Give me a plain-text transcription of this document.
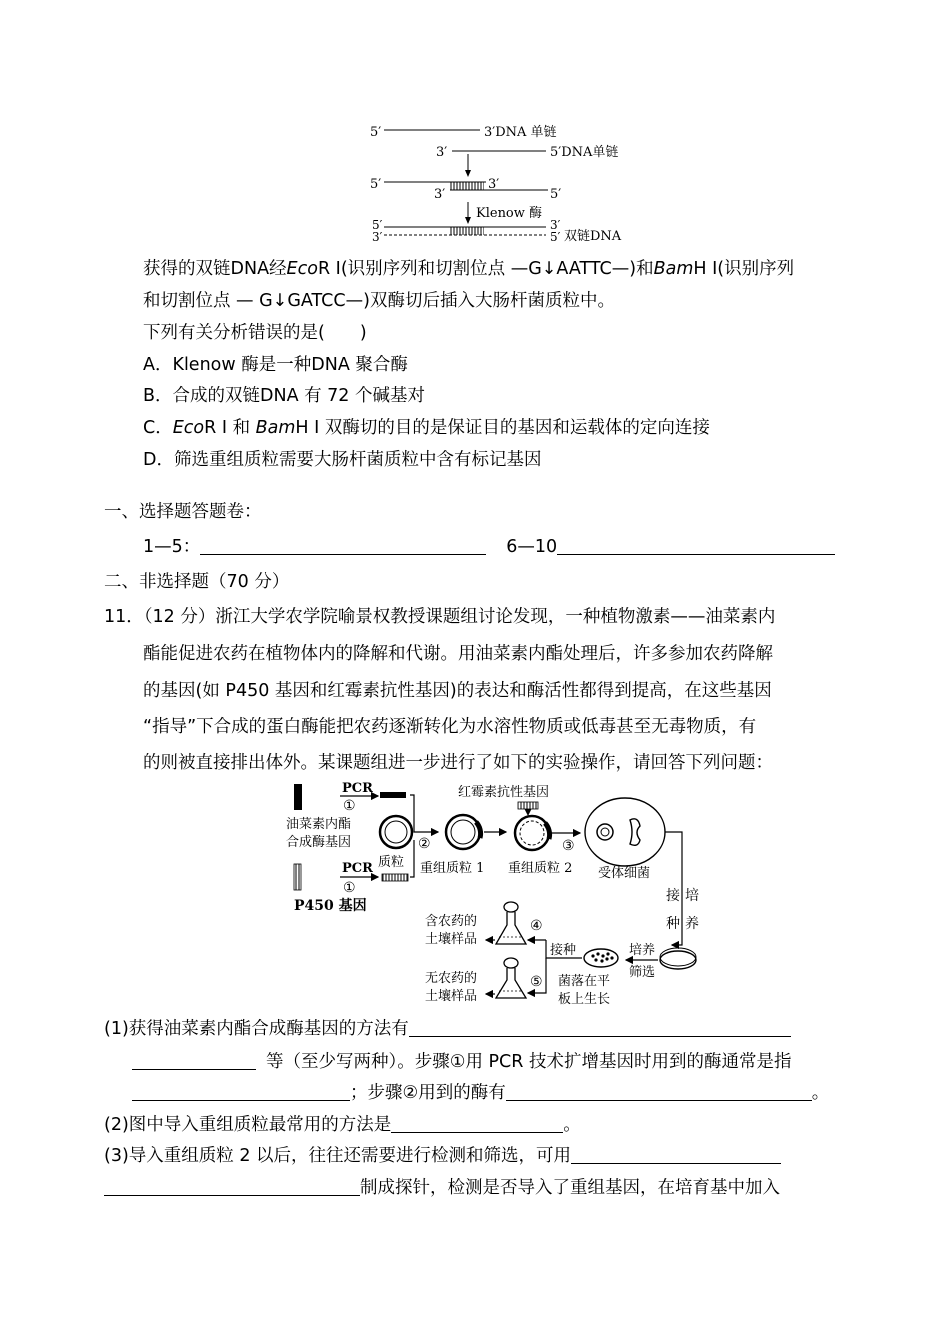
5′	3′DNA 单链
3′	5′DNA单链
5′
3′
3′
5′
Klenow 酶
5′
3′
3′
5′ 双链DNA
获得的双链DNA经EcoR Ⅰ(识别序列和切割位点 —G↓AATTC—)和BamH Ⅰ(识别序列
和切割位点 — G↓GATCC—)双酶切后插入大肠杆菌质粒中。
下列有关分析错误的是(　　)
A．Klenow 酶是一种DNA 聚合酶
B．合成的双链DNA 有 72 个碱基对
C．EcoR Ⅰ 和 BamH Ⅰ 双酶切的目的是保证目的基因和运载体的定向连接
D．筛选重组质粒需要大肠杆菌质粒中含有标记基因
一、选择题答题卷：
1—5：	6—10
二、非选择题（70 分）
11．（12 分）浙江大学农学院喻景权教授课题组讨论发现，一种植物激素——油菜素内
酯能促进农药在植物体内的降解和代谢。用油菜素内酯处理后，许多参加农药降解
的基因(如 P450 基因和红霉素抗性基因)的表达和酶活性都得到提高，在这些基因
“指导”下合成的蛋白酶能把农药逐渐转化为水溶性物质或低毒甚至无毒物质，有
的则被直接排出体外。某课题组进一步进行了如下的实验操作，请回答下列问题：
PCR
①
油菜素内酯
合成酶基因	②
红霉素抗性基因
③
受体细菌
质粒 重组质粒 1 重组质粒 2
PCR
①
P450 基因
接
种
培
养
培养
筛选
菌落在平
板上生长
接种
④
⑤
含农药的
土壤样品
无农药的
土壤样品
(1)获得油菜素内酯合成酶基因的方法有
等（至少写两种）。步骤①用 PCR 技术扩增基因时用到的酶通常是指
；步骤②用到的酶有	。
(2)图中导入重组质粒最常用的方法是	。
(3)导入重组质粒 2 以后，往往还需要进行检测和筛选，可用
制成探针，检测是否导入了重组基因，在培育基中加入
